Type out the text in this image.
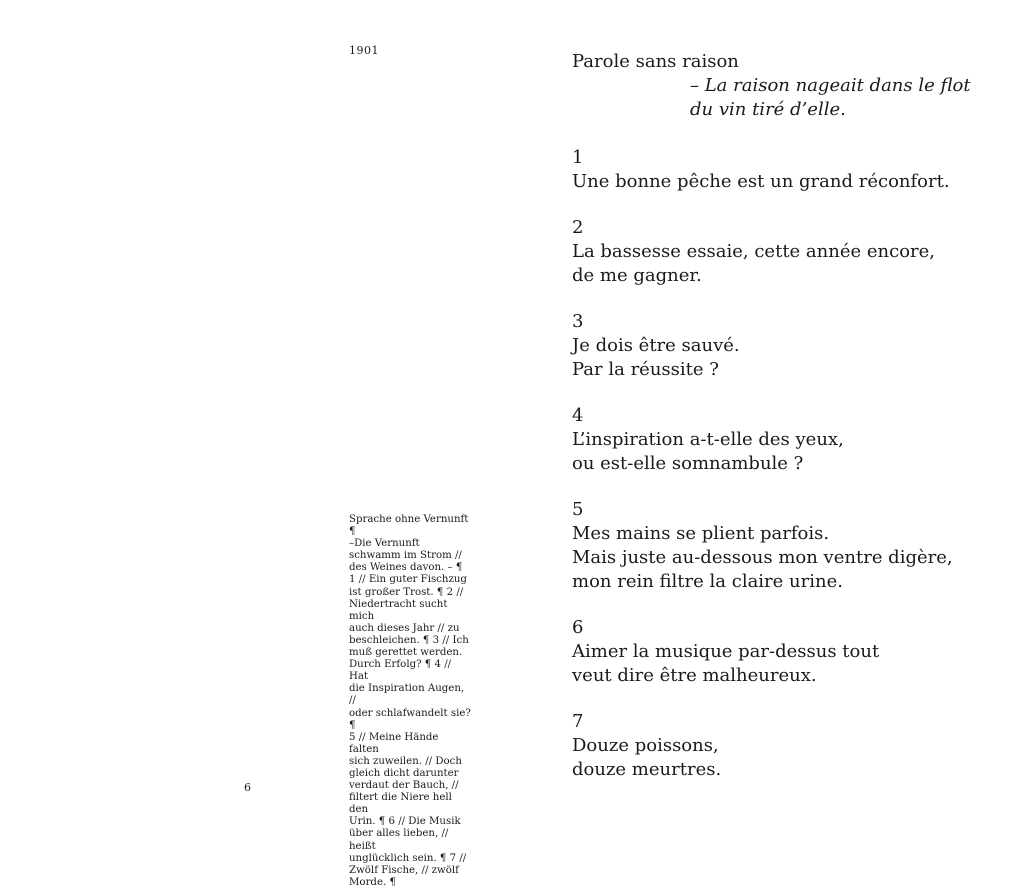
1901
Sprache ohne Vernunft ¶
–Die Vernunft
schwamm im Strom //
des Weines davon. – ¶
1 // Ein guter Fischzug
ist großer Trost. ¶ 2 //
Niedertracht sucht mich
auch dieses Jahr // zu
beschleichen. ¶ 3 // Ich
muß gerettet werden.
Durch Erfolg? ¶ 4 // Hat
die Inspiration Augen, //
oder schlafwandelt sie? ¶
5 // Meine Hände falten
sich zuweilen. // Doch
gleich dicht darunter
verdaut der Bauch, //
filtert die Niere hell den
Urin. ¶ 6 // Die Musik
über alles lieben, // heißt
unglücklich sein. ¶ 7 //
Zwölf Fische, // zwölf
Morde. ¶
6
Parole sans raison
– La raison nageait dans le flot
du vin tiré d’elle.
1
Une bonne pêche est un grand réconfort.
2
La bassesse essaie, cette année encore,
de me gagner.
3
Je dois être sauvé.
Par la réussite ?
4
L’inspiration a-t-elle des yeux,
ou est-elle somnambule ?
5
Mes mains se plient parfois.
Mais juste au-dessous mon ventre digère,
mon rein filtre la claire urine.
6
Aimer la musique par-dessus tout
veut dire être malheureux.
7
Douze poissons,
douze meurtres.
